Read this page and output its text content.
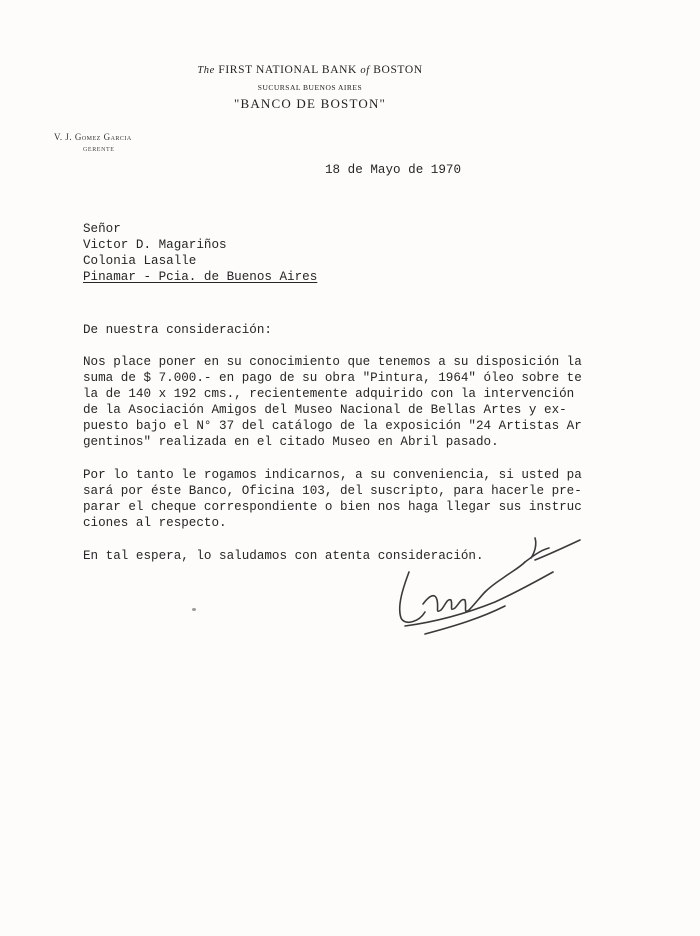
The FIRST NATIONAL BANK of BOSTON
SUCURSAL BUENOS AIRES
"BANCO DE BOSTON"
V. J. Gomez Garcia
GERENTE
18 de Mayo de 1970
Señor
Victor D. Magariños
Colonia Lasalle
Pinamar - Pcia. de Buenos Aires
De nuestra consideración:
Nos place poner en su conocimiento que tenemos a su disposición la
suma de $ 7.000.- en pago de su obra "Pintura, 1964" óleo sobre te
la de 140 x 192 cms., recientemente adquirido con la intervención
de la Asociación Amigos del Museo Nacional de Bellas Artes y ex-
puesto bajo el N° 37 del catálogo de la exposición "24 Artistas Ar
gentinos" realizada en el citado Museo en Abril pasado.
Por lo tanto le rogamos indicarnos, a su conveniencia, si usted pa
sará por éste Banco, Oficina 103, del suscripto, para hacerle pre-
parar el cheque correspondiente o bien nos haga llegar sus instruc
ciones al respecto.
En tal espera, lo saludamos con atenta consideración.
